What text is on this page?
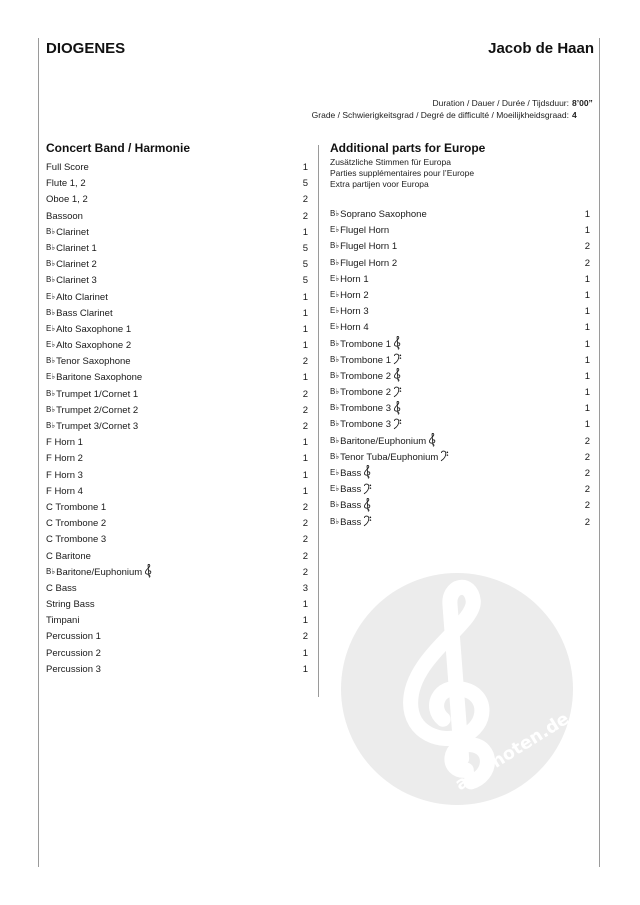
DIOGENES	Jacob de Haan
Duration / Dauer / Durée / Tijdsduur: 8’00”
Grade / Schwierigkeitsgrad / Degré de difficulté / Moeilijkheidsgraad: 4
Concert Band / Harmonie	Additional parts for Europe
Zusätzliche Stimmen für Europa
Parties supplémentaires pour l’Europe
Extra partijen voor Europa
Full Score	1
Flute 1, 2	5
Oboe 1, 2	2
Bassoon	2
B♭Clarinet	1
B♭Clarinet 1	5
B♭Clarinet 2	5
B♭Clarinet 3	5
E♭Alto Clarinet	1
B♭Bass Clarinet	1
E♭Alto Saxophone 1	1
E♭Alto Saxophone 2	1
B♭Tenor Saxophone	2
E♭Baritone Saxophone	1
B♭Trumpet 1/Cornet 1	2
B♭Trumpet 2/Cornet 2	2
B♭Trumpet 3/Cornet 3	2
F Horn 1	1
F Horn 2	1
F Horn 3	1
F Horn 4	1
C Trombone 1	2
C Trombone 2	2
C Trombone 3	2
C Baritone	2
B♭Baritone/Euphonium	2
C Bass	3
String Bass	1
Timpani	1
Percussion 1	2
Percussion 2	1
Percussion 3	1
B♭Soprano Saxophone	1
E♭Flugel Horn	1
B♭Flugel Horn 1	2
B♭Flugel Horn 2	2
E♭Horn 1	1
E♭Horn 2	1
E♭Horn 3	1
E♭Horn 4	1
B♭Trombone 1	1
B♭Trombone 1	1
B♭Trombone 2	1
B♭Trombone 2	1
B♭Trombone 3	1
B♭Trombone 3	1
B♭Baritone/Euphonium	2
B♭Tenor Tuba/Euphonium	2
E♭Bass	2
E♭Bass	2
B♭Bass	2
B♭Bass	2
alle-noten.de
